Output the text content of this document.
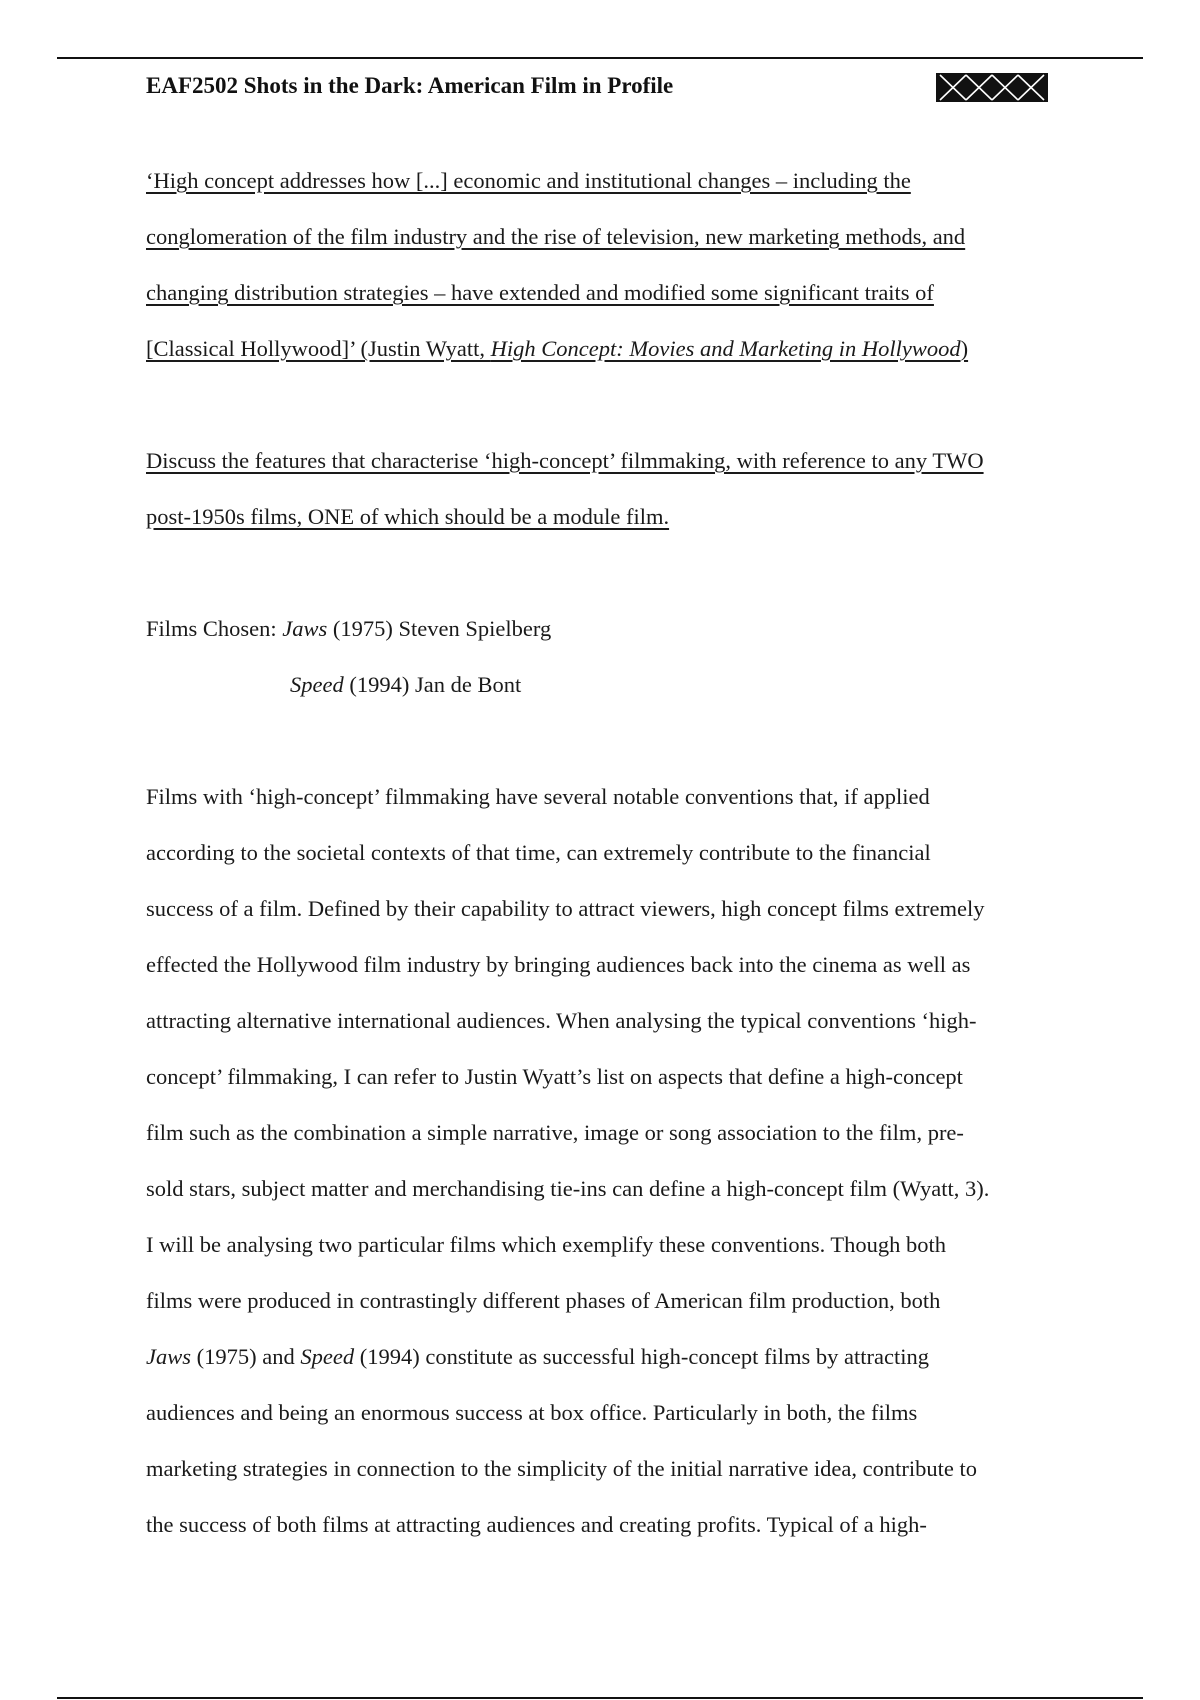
EAF2502 Shots in the Dark: American Film in Profile

‘High concept addresses how [...] economic and institutional changes – including the

conglomeration of the film industry and the rise of television, new marketing methods, and

changing distribution strategies – have extended and modified some significant traits of

[Classical Hollywood]’ (Justin Wyatt, High Concept: Movies and Marketing in Hollywood)

Discuss the features that characterise ‘high-concept’ filmmaking, with reference to any TWO

post-1950s films, ONE of which should be a module film.

Films Chosen: Jaws (1975) Steven Spielberg

Speed (1994) Jan de Bont

Films with ‘high-concept’ filmmaking have several notable conventions that, if applied

according to the societal contexts of that time, can extremely contribute to the financial

success of a film. Defined by their capability to attract viewers, high concept films extremely

effected the Hollywood film industry by bringing audiences back into the cinema as well as

attracting alternative international audiences. When analysing the typical conventions ‘high-

concept’ filmmaking, I can refer to Justin Wyatt’s list on aspects that define a high-concept

film such as the combination a simple narrative, image or song association to the film, pre-

sold stars, subject matter and merchandising tie-ins can define a high-concept film (Wyatt, 3).

I will be analysing two particular films which exemplify these conventions. Though both

films were produced in contrastingly different phases of American film production, both

Jaws (1975) and Speed (1994) constitute as successful high-concept films by attracting

audiences and being an enormous success at box office. Particularly in both, the films

marketing strategies in connection to the simplicity of the initial narrative idea, contribute to

the success of both films at attracting audiences and creating profits. Typical of a high-
